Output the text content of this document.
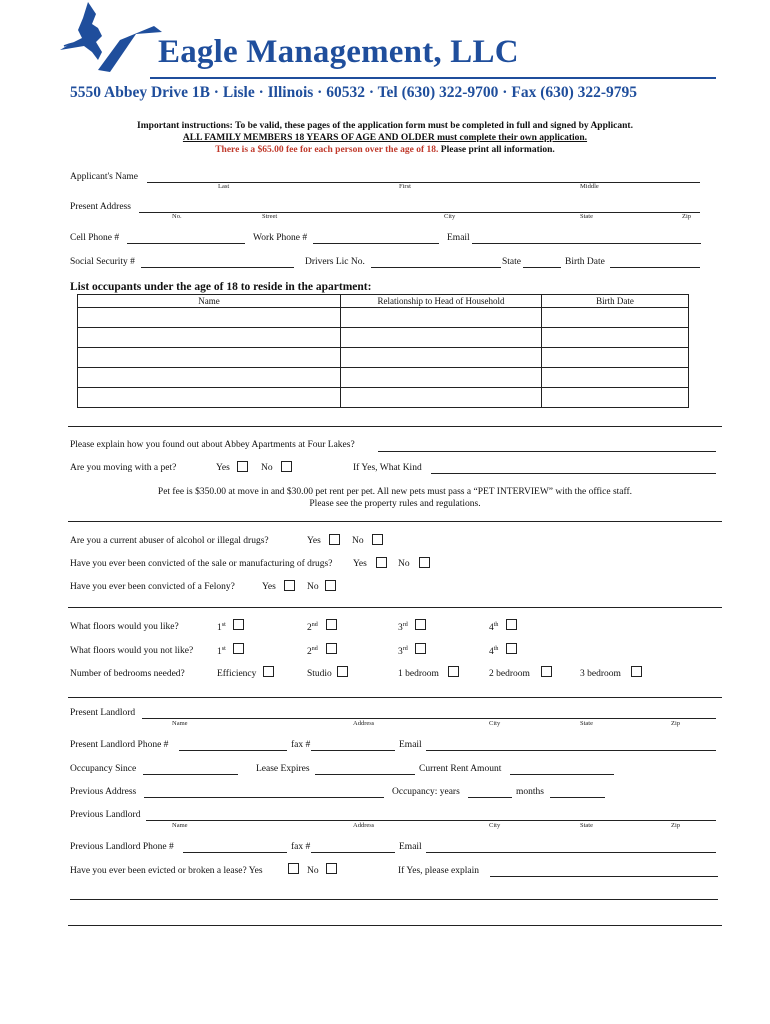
Eagle Management, LLC
5550 Abbey Drive 1B · Lisle · Illinois · 60532 · Tel (630) 322-9700 · Fax (630) 322-9795
Important instructions: To be valid, these pages of the application form must be completed in full and signed by Applicant.
ALL FAMILY MEMBERS 18 YEARS OF AGE AND OLDER must complete their own application.
There is a $65.00 fee for each person over the age of 18. Please print all information.
Applicant's Name
Last	First	Middle
Present Address
No.	Street	City	State	Zip
Cell Phone #	Work Phone #	Email
Social Security #	Drivers Lic No.	State	Birth Date
List occupants under the age of 18 to reside in the apartment:
Name	Relationship to Head of Household	Birth Date

Please explain how you found out about Abbey Apartments at Four Lakes?
Are you moving with a pet?	Yes	No	If Yes, What Kind
Pet fee is $350.00 at move in and $30.00 pet rent per pet. All new pets must pass a “PET INTERVIEW” with the office staff.
Please see the property rules and regulations.
Are you a current abuser of alcohol or illegal drugs?	Yes	No
Have you ever been convicted of the sale or manufacturing of drugs? Yes	No
Have you ever been convicted of a Felony?	Yes	No
What floors would you like?	1st	2nd	3rd	4th
What floors would you not like?	1st	2nd	3rd	4th
Number of bedrooms needed?	Efficiency	Studio	1 bedroom	2 bedroom	3 bedroom
Present Landlord
Name	Address	City	State	Zip
Present Landlord Phone #	fax #	Email
Occupancy Since	Lease Expires	Current Rent Amount
Previous Address	Occupancy: years	months
Previous Landlord
Name	Address	City	State	Zip
Previous Landlord Phone #	fax #	Email
Have you ever been evicted or broken a lease? Yes	No	If Yes, please explain
